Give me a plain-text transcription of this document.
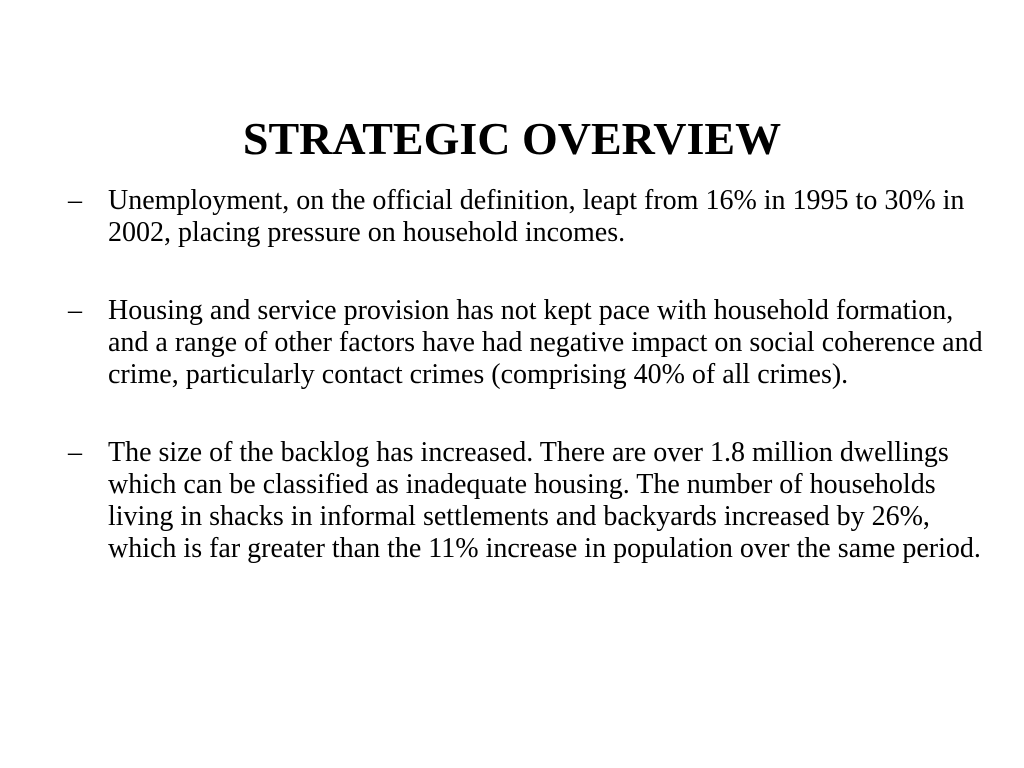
STRATEGIC OVERVIEW
– Unemployment, on the official definition, leapt from 16% in 1995 to 30% in 2002, placing pressure on household incomes.
– Housing and service provision has not kept pace with household formation, and a range of other factors have had negative impact on social coherence and crime, particularly contact crimes (comprising 40% of all crimes).
– The size of the backlog has increased. There are over 1.8 million dwellings which can be classified as inadequate housing. The number of households living in shacks in informal settlements and backyards increased by 26%, which is far greater than the 11% increase in population over the same period.
